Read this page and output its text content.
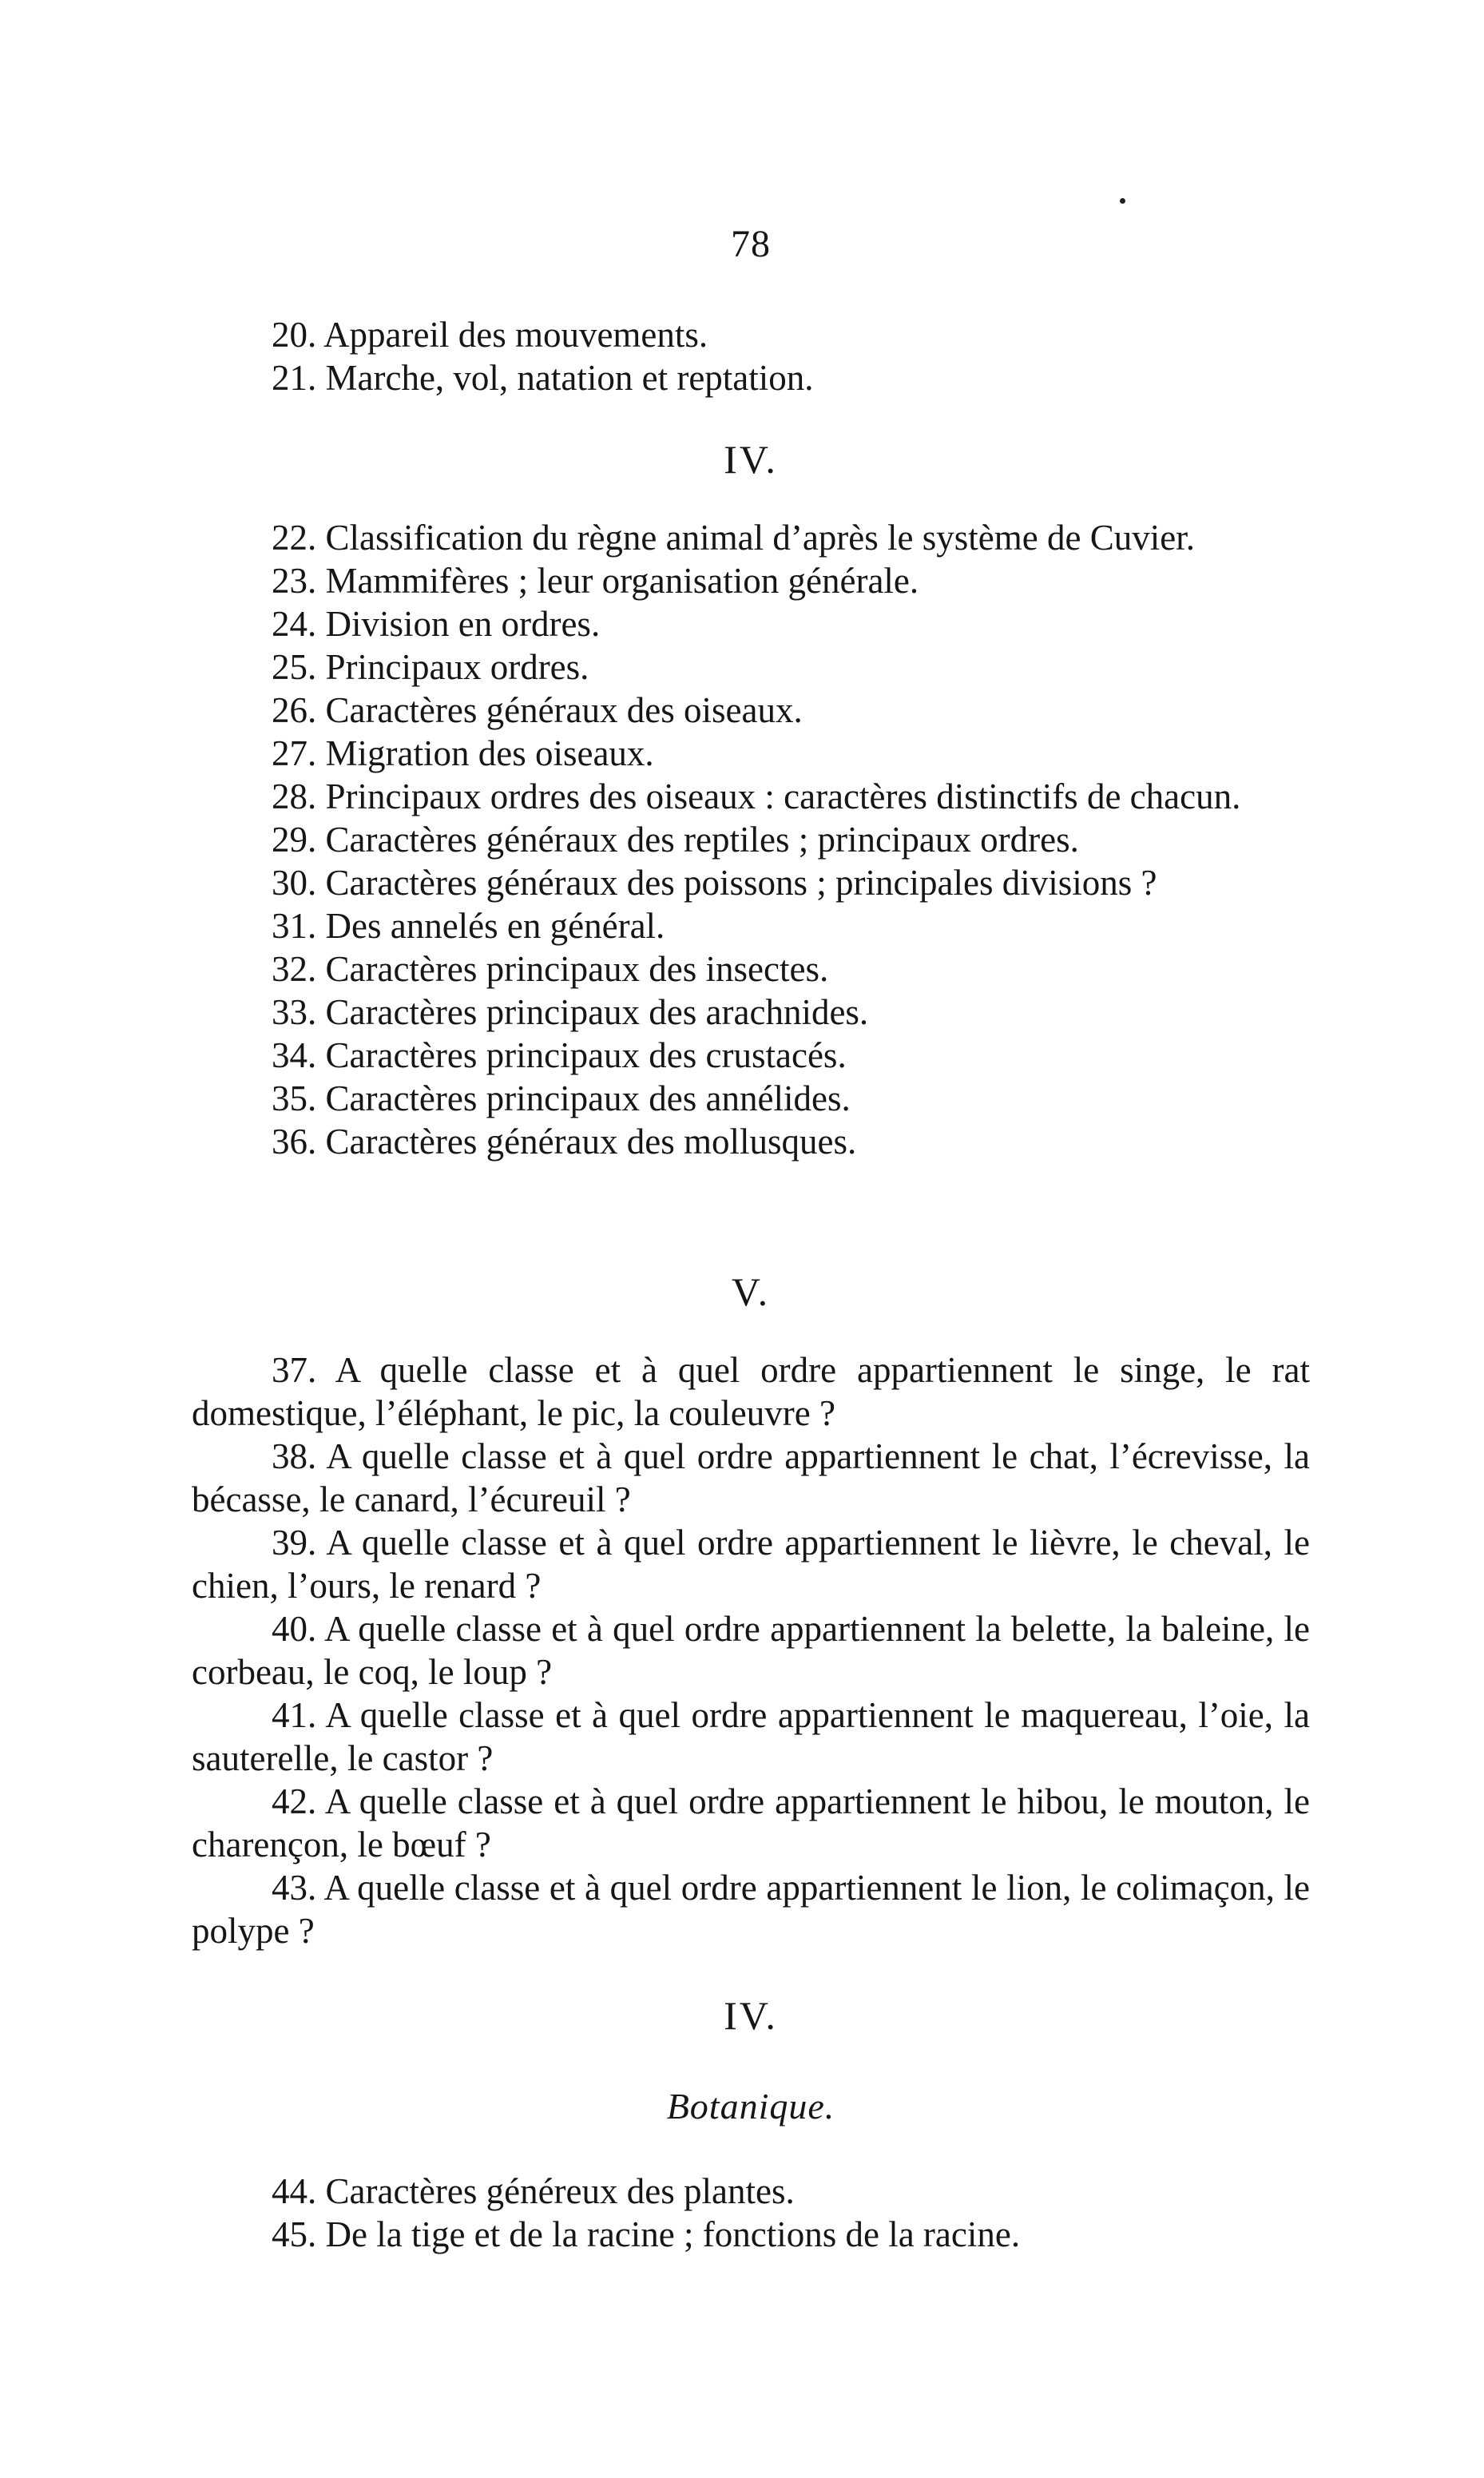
78

20. Appareil des mouvements.

21. Marche, vol, natation et reptation.

IV.

22. Classification du règne animal d’après le système de Cuvier.

23. Mammifères ; leur organisation générale.

24. Division en ordres.

25. Principaux ordres.

26. Caractères généraux des oiseaux.

27. Migration des oiseaux.

28. Principaux ordres des oiseaux : caractères distinctifs de chacun.

29. Caractères généraux des reptiles ; principaux ordres.

30. Caractères généraux des poissons ; principales divisions ?

31. Des annelés en général.

32. Caractères principaux des insectes.

33. Caractères principaux des arachnides.

34. Caractères principaux des crustacés.

35. Caractères principaux des annélides.

36. Caractères généraux des mollusques.

V.

37. A quelle classe et à quel ordre appartiennent le singe, le rat domestique, l’éléphant, le pic, la couleuvre ?

38. A quelle classe et à quel ordre appartiennent le chat, l’écrevisse, la bécasse, le canard, l’écureuil ?

39. A quelle classe et à quel ordre appartiennent le lièvre, le cheval, le chien, l’ours, le renard ?

40. A quelle classe et à quel ordre appartiennent la belette, la baleine, le corbeau, le coq, le loup ?

41. A quelle classe et à quel ordre appartiennent le maquereau, l’oie, la sauterelle, le castor ?

42. A quelle classe et à quel ordre appartiennent le hibou, le mouton, le charençon, le bœuf ?

43. A quelle classe et à quel ordre appartiennent le lion, le colimaçon, le polype ?

IV.
Botanique.

44. Caractères généreux des plantes.

45. De la tige et de la racine ; fonctions de la racine.
